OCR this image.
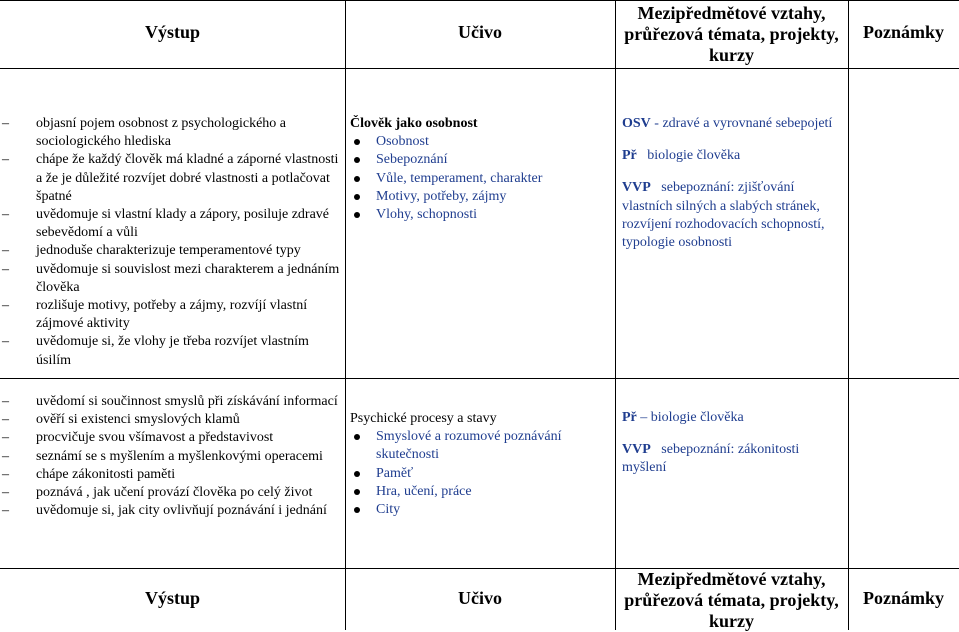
Výstup	Učivo
Mezipředmětové vztahy,
průřezová témata, projekty,
kurzy
Poznámky
– objasní pojem osobnost z psychologického a sociologického hlediska
– chápe že každý člověk má kladné a záporné vlastnosti a že je důležité rozvíjet dobré vlastnosti a potlačovat špatné
– uvědomuje si vlastní klady a zápory, posiluje zdravé sebevědomí a vůli
– jednoduše charakterizuje temperamentové typy
– uvědomuje si souvislost mezi charakterem a jednáním člověka
– rozlišuje motivy, potřeby a zájmy, rozvíjí vlastní zájmové aktivity
– uvědomuje si, že vlohy je třeba rozvíjet vlastním úsilím
Člověk jako osobnost
Osobnost
Sebepoznání
Vůle, temperament, charakter
Motivy, potřeby, zájmy
Vlohy, schopnosti

OSV - zdravé a vyrovnané sebepojetí

Př   biologie člověka

VVP   sebepoznání: zjišťování vlastních silných a slabých stránek, rozvíjení rozhodovacích schopností, typologie osobnosti

– uvědomí si součinnost smyslů při získávání informací
– ověří si existenci smyslových klamů
– procvičuje svou všímavost a představivost
– seznámí se s myšlením a myšlenkovými operacemi
– chápe zákonitosti paměti
– poznává , jak učení provází člověka po celý život
– uvědomuje si, jak city ovlivňují poznávání i jednání
Psychické procesy a stavy
Smyslové a rozumové poznávání skutečnosti
Paměť
Hra, učení, práce
City

Př – biologie člověka

VVP   sebepoznání: zákonitosti myšlení

Výstup	Učivo
Mezipředmětové vztahy,
průřezová témata, projekty,
kurzy
Poznámky
